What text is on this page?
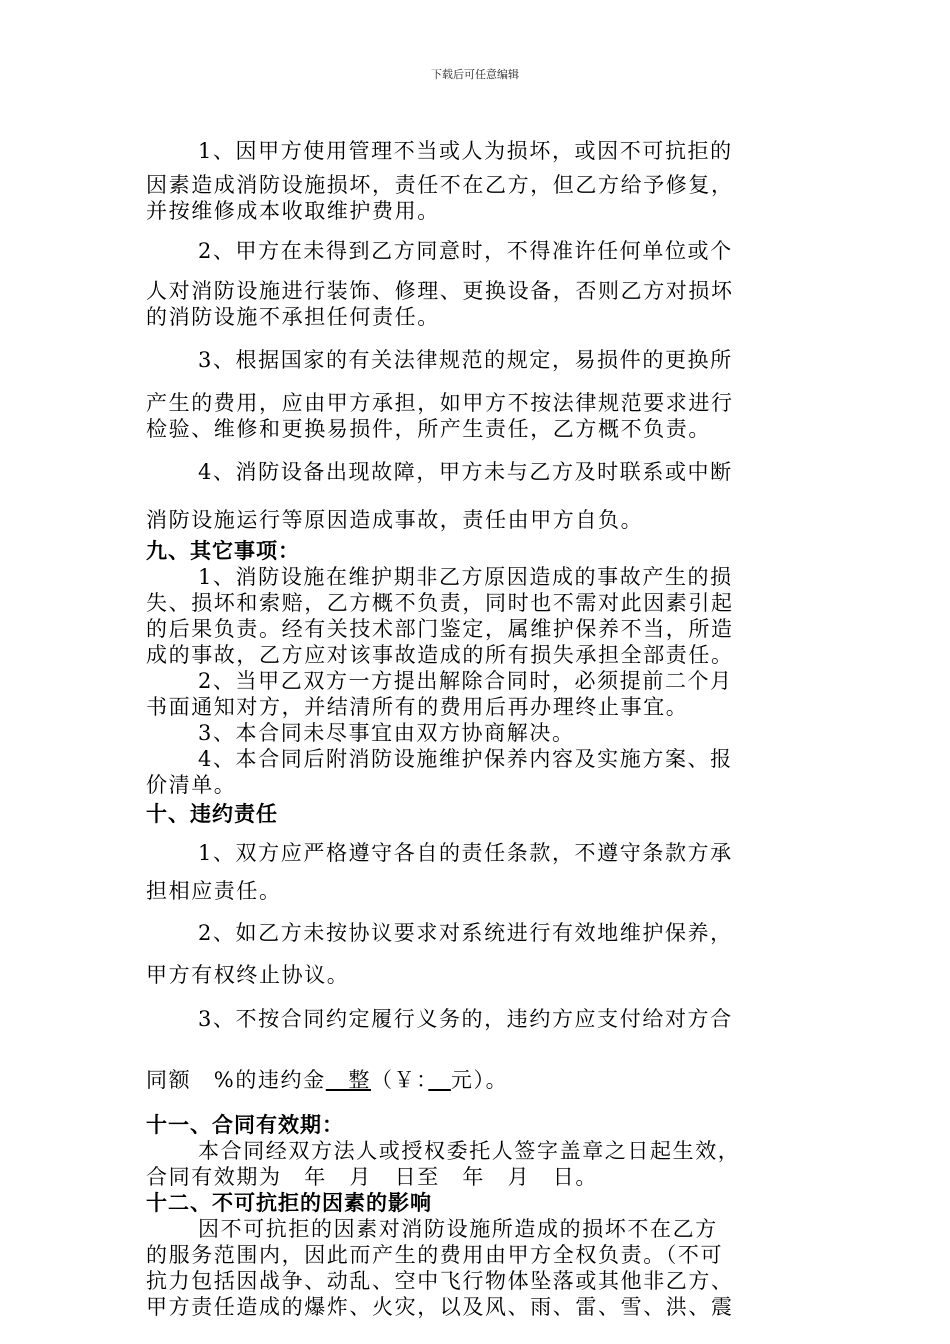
下载后可任意编辑
1、因甲方使用管理不当或人为损坏，或因不可抗拒的
因素造成消防设施损坏，责任不在乙方，但乙方给予修复，
并按维修成本收取维护费用。
2、甲方在未得到乙方同意时，不得准许任何单位或个
人对消防设施进行装饰、修理、更换设备，否则乙方对损坏
的消防设施不承担任何责任。
3、根据国家的有关法律规范的规定，易损件的更换所
产生的费用，应由甲方承担，如甲方不按法律规范要求进行
检验、维修和更换易损件，所产生责任，乙方概不负责。
4、消防设备出现故障，甲方未与乙方及时联系或中断
消防设施运行等原因造成事故，责任由甲方自负。
九、其它事项：
1、消防设施在维护期非乙方原因造成的事故产生的损
失、损坏和索赔，乙方概不负责，同时也不需对此因素引起
的后果负责。经有关技术部门鉴定，属维护保养不当，所造
成的事故，乙方应对该事故造成的所有损失承担全部责任。
2、当甲乙双方一方提出解除合同时，必须提前二个月
书面通知对方，并结清所有的费用后再办理终止事宜。
3、本合同未尽事宜由双方协商解决。
4、本合同后附消防设施维护保养内容及实施方案、报
价清单。
十、违约责任
1、双方应严格遵守各自的责任条款，不遵守条款方承
担相应责任。
2、如乙方未按协议要求对系统进行有效地维护保养，
甲方有权终止协议。
3、不按合同约定履行义务的，违约方应支付给对方合
同额　%的违约金　整（￥：　 元）。
十一、合同有效期：
本合同经双方法人或授权委托人签字盖章之日起生效，
合同有效期为　年　月　日至　年　月　日。
十二、不可抗拒的因素的影响
因不可抗拒的因素对消防设施所造成的损坏不在乙方
的服务范围内，因此而产生的费用由甲方全权负责。（不可
抗力包括因战争、动乱、空中飞行物体坠落或其他非乙方、
甲方责任造成的爆炸、火灾，以及风、雨、雷、雪、洪、震
